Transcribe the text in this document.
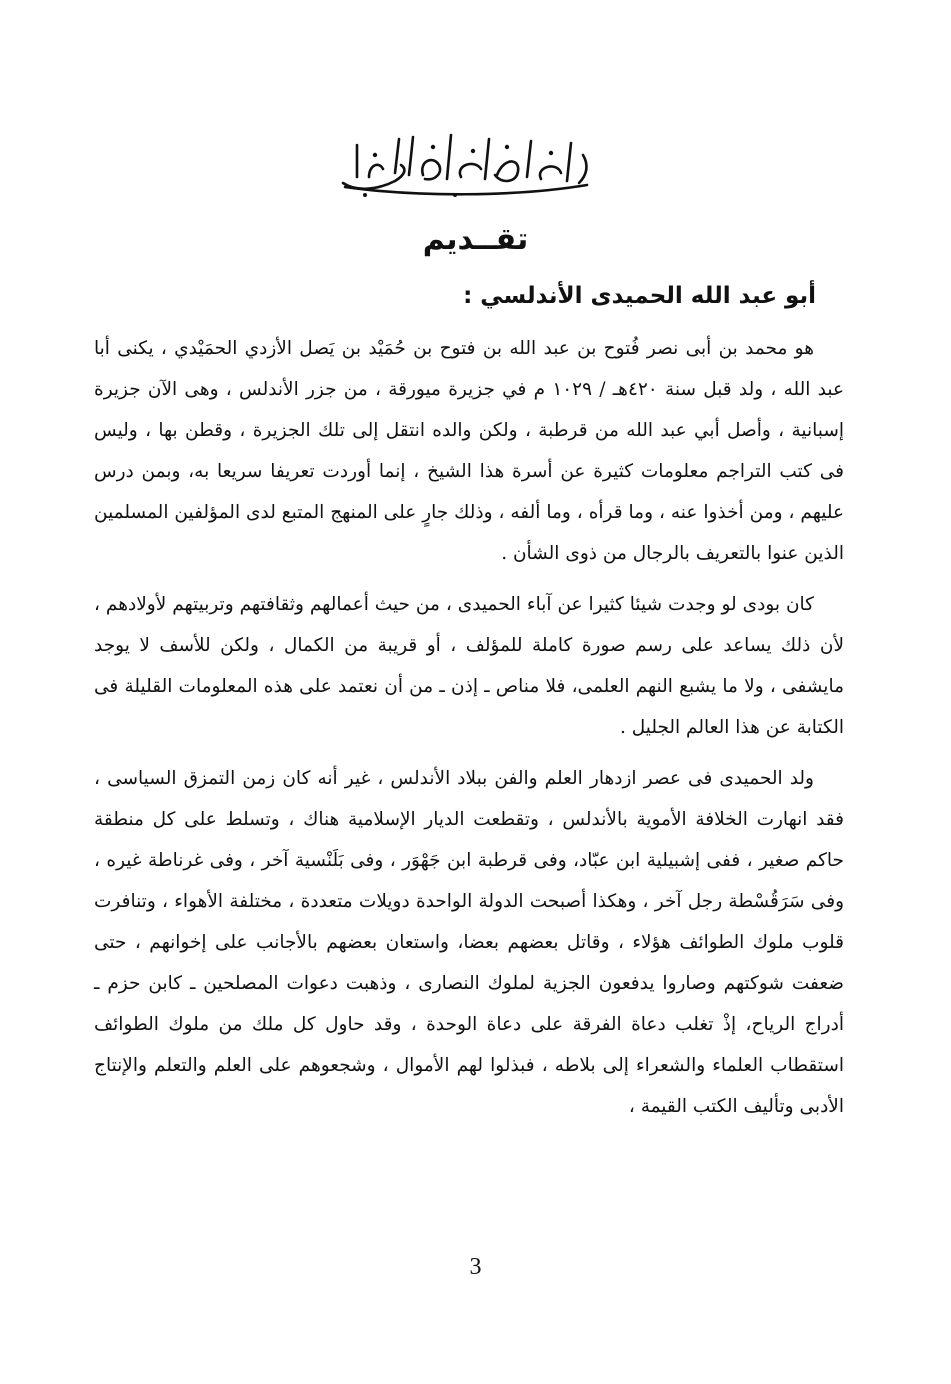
تقــديم
أبو عبد الله الحميدى الأندلسي :

هو محمد بن أبى نصر فُتوح بن عبد الله بن فتوح بن حُمَيْد بن يَصل الأزدي الحمَيْدي ، يكنى أبا عبد الله ، ولد قبل سنة ٤٢٠هـ / ١٠٢٩ م في جزيرة ميورقة ، من جزر الأندلس ، وهى الآن جزيرة إسبانية ، وأصل أبي عبد الله من قرطبة ، ولكن والده انتقل إلى تلك الجزيرة ، وقطن بها ، وليس فى كتب التراجم معلومات كثيرة عن أسرة هذا الشيخ ، إنما أوردت تعريفا سريعا به، وبمن درس عليهم ، ومن أخذوا عنه ، وما قرأه ، وما ألفه ، وذلك جارٍ على المنهج المتبع لدى المؤلفين المسلمين الذين عنوا بالتعريف بالرجال من ذوى الشأن .

كان بودى لو وجدت شيئا كثيرا عن آباء الحميدى ، من حيث أعمالهم وثقافتهم وتربيتهم لأولادهم ، لأن ذلك يساعد على رسم صورة كاملة للمؤلف ، أو قريبة من الكمال ، ولكن للأسف لا يوجد مايشفى ، ولا ما يشبع النهم العلمى، فلا مناص ـ إذن ـ من أن نعتمد على هذه المعلومات القليلة فى الكتابة عن هذا العالم الجليل .

ولد الحميدى فى عصر ازدهار العلم والفن ببلاد الأندلس ، غير أنه كان زمن التمزق السياسى ، فقد انهارت الخلافة الأموية بالأندلس ، وتقطعت الديار الإسلامية هناك ، وتسلط على كل منطقة حاكم صغير ، ففى إشبيلية ابن عبّاد، وفى قرطبة ابن جَهْوَر ، وفى بَلَنْسية آخر ، وفى غرناطة غيره ، وفى سَرَقُسْطة رجل آخر ، وهكذا أصبحت الدولة الواحدة دويلات متعددة ، مختلفة الأهواء ، وتنافرت قلوب ملوك الطوائف هؤلاء ، وقاتل بعضهم بعضا، واستعان بعضهم بالأجانب على إخوانهم ، حتى ضعفت شوكتهم وصاروا يدفعون الجزية لملوك النصارى ، وذهبت دعوات المصلحين ـ كابن حزم ـ أدراج الرياح، إذْ تغلب دعاة الفرقة على دعاة الوحدة ، وقد حاول كل ملك من ملوك الطوائف استقطاب العلماء والشعراء إلى بلاطه ، فبذلوا لهم الأموال ، وشجعوهم على العلم والتعلم والإنتاج الأدبى وتأليف الكتب القيمة ،

3
